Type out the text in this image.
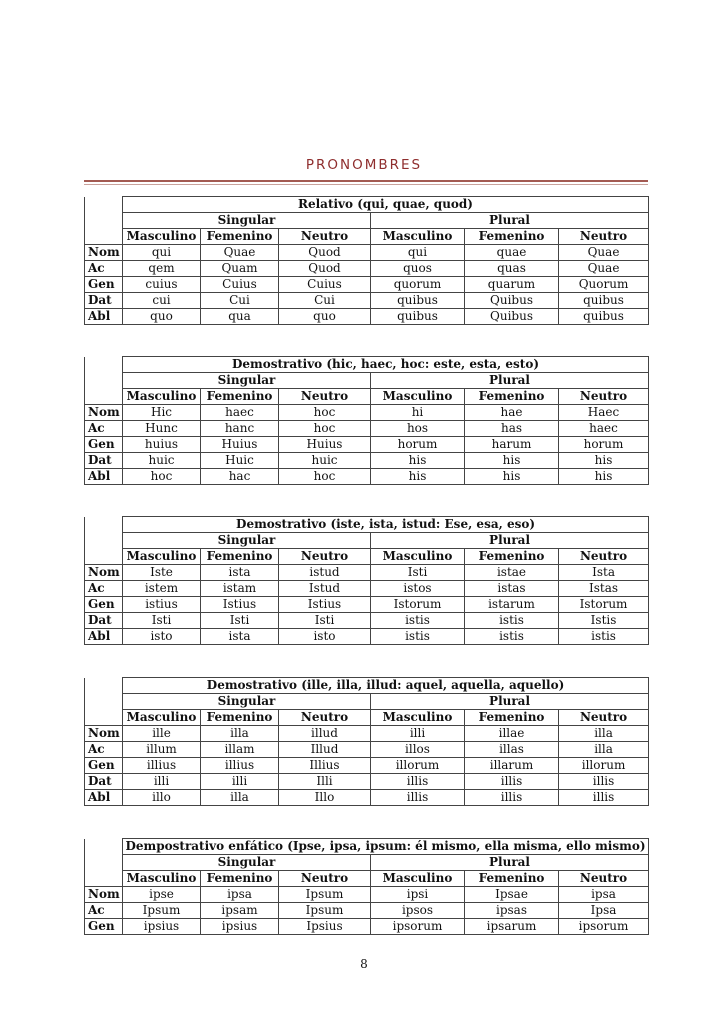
PRONOMBRES
	Relativo (qui, quae, quod)					
	Singular			Plural		
	Masculino	Femenino	Neutro	Masculino	Femenino	Neutro
Nom	qui	Quae	Quod	qui	quae	Quae
Ac	qem	Quam	Quod	quos	quas	Quae
Gen	cuius	Cuius	Cuius	quorum	quarum	Quorum
Dat	cui	Cui	Cui	quibus	Quibus	quibus
Abl	quo	qua	quo	quibus	Quibus	quibus
	Demostrativo (hic, haec, hoc: este, esta, esto)					
	Singular			Plural		
	Masculino	Femenino	Neutro	Masculino	Femenino	Neutro
Nom	Hic	haec	hoc	hi	hae	Haec
Ac	Hunc	hanc	hoc	hos	has	haec
Gen	huius	Huius	Huius	horum	harum	horum
Dat	huic	Huic	huic	his	his	his
Abl	hoc	hac	hoc	his	his	his
	Demostrativo (iste, ista, istud: Ese, esa, eso)					
	Singular			Plural		
	Masculino	Femenino	Neutro	Masculino	Femenino	Neutro
Nom	Iste	ista	istud	Isti	istae	Ista
Ac	istem	istam	Istud	istos	istas	Istas
Gen	istius	Istius	Istius	Istorum	istarum	Istorum
Dat	Isti	Isti	Isti	istis	istis	Istis
Abl	isto	ista	isto	istis	istis	istis
	Demostrativo (ille, illa, illud: aquel, aquella, aquello)					
	Singular			Plural		
	Masculino	Femenino	Neutro	Masculino	Femenino	Neutro
Nom	ille	illa	illud	illi	illae	illa
Ac	illum	illam	Illud	illos	illas	illa
Gen	illius	illius	Illius	illorum	illarum	illorum
Dat	illi	illi	Illi	illis	illis	illis
Abl	illo	illa	Illo	illis	illis	illis
	Dempostrativo enfático (Ipse, ipsa, ipsum: él mismo, ella misma, ello mismo)					
	Singular			Plural		
	Masculino	Femenino	Neutro	Masculino	Femenino	Neutro
Nom	ipse	ipsa	Ipsum	ipsi	Ipsae	ipsa
Ac	Ipsum	ipsam	Ipsum	ipsos	ipsas	Ipsa
Gen	ipsius	ipsius	Ipsius	ipsorum	ipsarum	ipsorum
8
